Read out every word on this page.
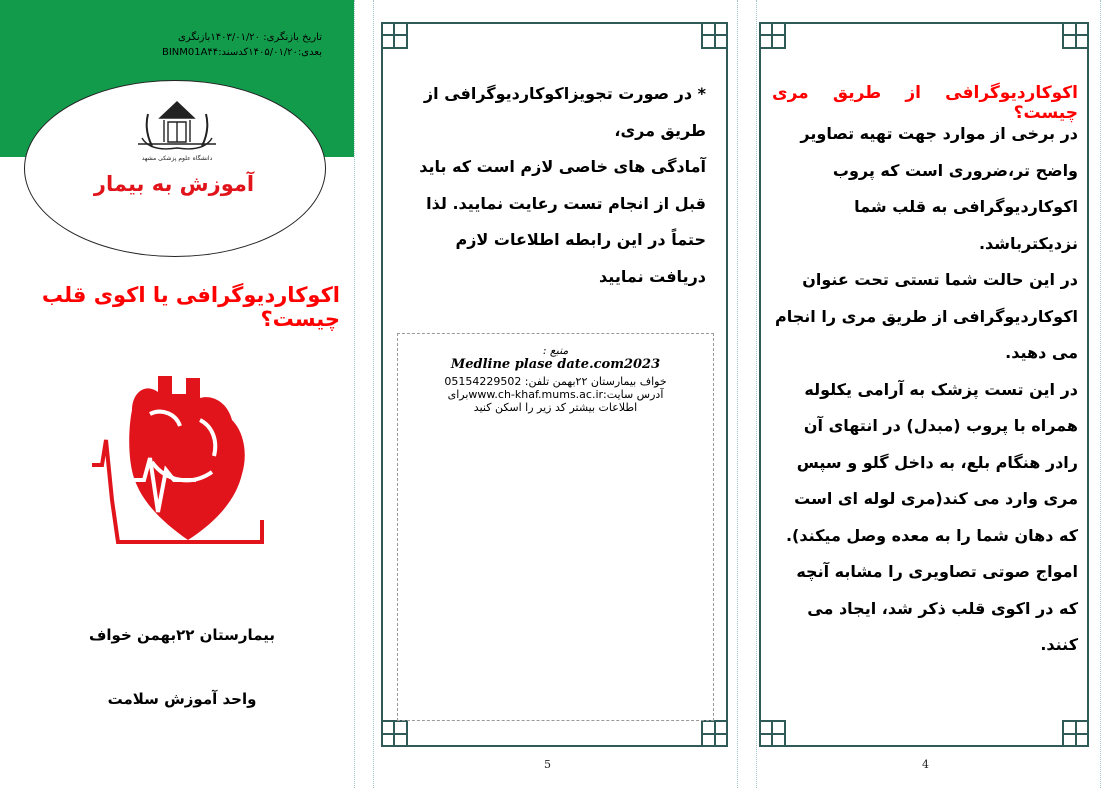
تاریخ بازنگری: ۱۴۰۳/۰۱/۲۰بازنگری
بعدی:۱۴۰۵/۰۱/۲۰کدسند:BINM01A۴۴
دانشگاه علوم پزشکی مشهد
آموزش به بیمار
اکوکاردیوگرافی یا اکوی قلب چیست؟
بیمارستان ۲۲بهمن خواف
واحد آموزش سلامت
* در صورت تجویزاکوکاردیوگرافی از
طریق مری،
آمادگی های خاصی لازم است که باید
قبل از انجام تست رعایت نمایید. لذا
حتماً در این رابطه اطلاعات لازم
دریافت نمایید
منبع :
Medline plase date.com2023
خواف بیمارستان ۲۲بهمن تلفن: 05154229502
آدرس سایت:www.ch-khaf.mums.ac.irبرای
اطلاعات بیشتر کد زیر را اسکن کنید
5
اکوکاردیوگرافی از طریق مری چیست؟
در برخی از موارد جهت تهیه تصاویر
واضح تر،ضروری است که پروب
اکوکاردیوگرافی به قلب شما
نزدیکترباشد.
در این حالت شما تستی تحت عنوان
اکوکاردیوگرافی از طریق مری را انجام
می دهید.
در این تست پزشک به آرامی یکلوله
همراه با پروب (مبدل) در انتهای آن
رادر هنگام بلع، به داخل گلو و سپس
مری وارد می کند(مری لوله ای است
که دهان شما را به معده وصل میکند).
امواج صوتی تصاویری را مشابه آنچه
که در اکوی قلب ذکر شد، ایجاد می
کنند.
4
